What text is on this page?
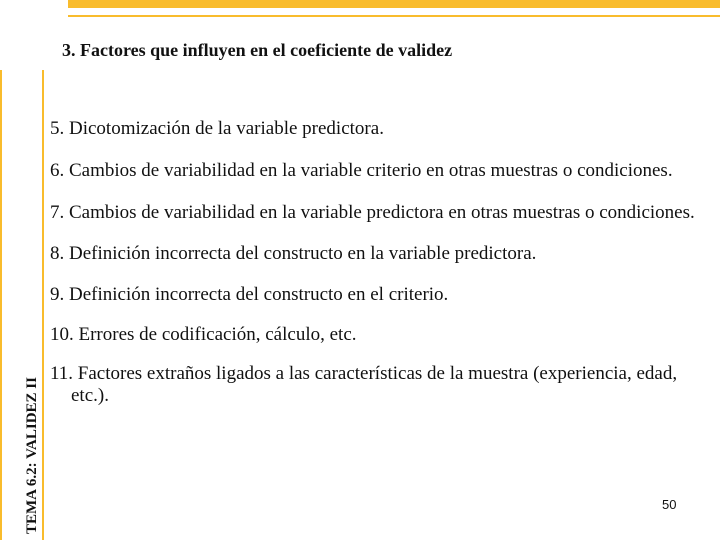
TEMA 6.2: VALIDEZ II
3. Factores que influyen en el coeficiente de validez
5. Dicotomización de la variable predictora.
6. Cambios de variabilidad en la variable criterio en otras muestras o condiciones.
7. Cambios de variabilidad en la variable predictora en otras muestras o condiciones.
8. Definición incorrecta del constructo en la variable predictora.
9. Definición incorrecta del constructo en el criterio.
10. Errores de codificación, cálculo, etc.
11. Factores extraños ligados a las características de la muestra (experiencia, edad, etc.).
50
